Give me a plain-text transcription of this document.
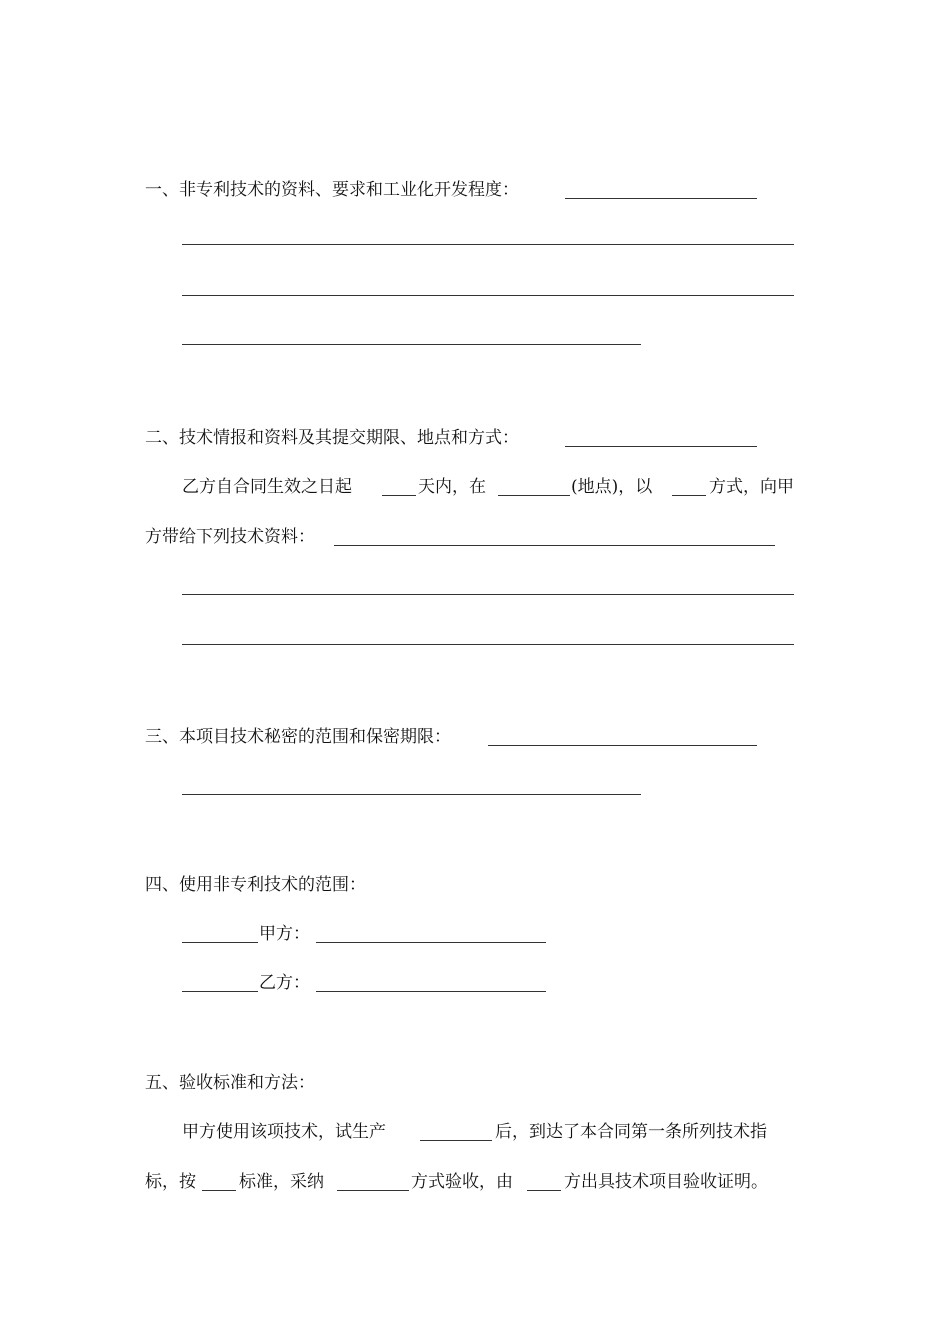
一、非专利技术的资料、要求和工业化开发程度：
二、技术情报和资料及其提交期限、地点和方式：
乙方自合同生效之日起	天内，在	(地点)，以	方式，向甲
方带给下列技术资料：
三、本项目技术秘密的范围和保密期限：
四、使用非专利技术的范围：
甲方：
乙方：
五、验收标准和方法：
甲方使用该项技术，试生产	后，到达了本合同第一条所列技术指
标，按	标准，采纳	方式验收，由	方出具技术项目验收证明。
